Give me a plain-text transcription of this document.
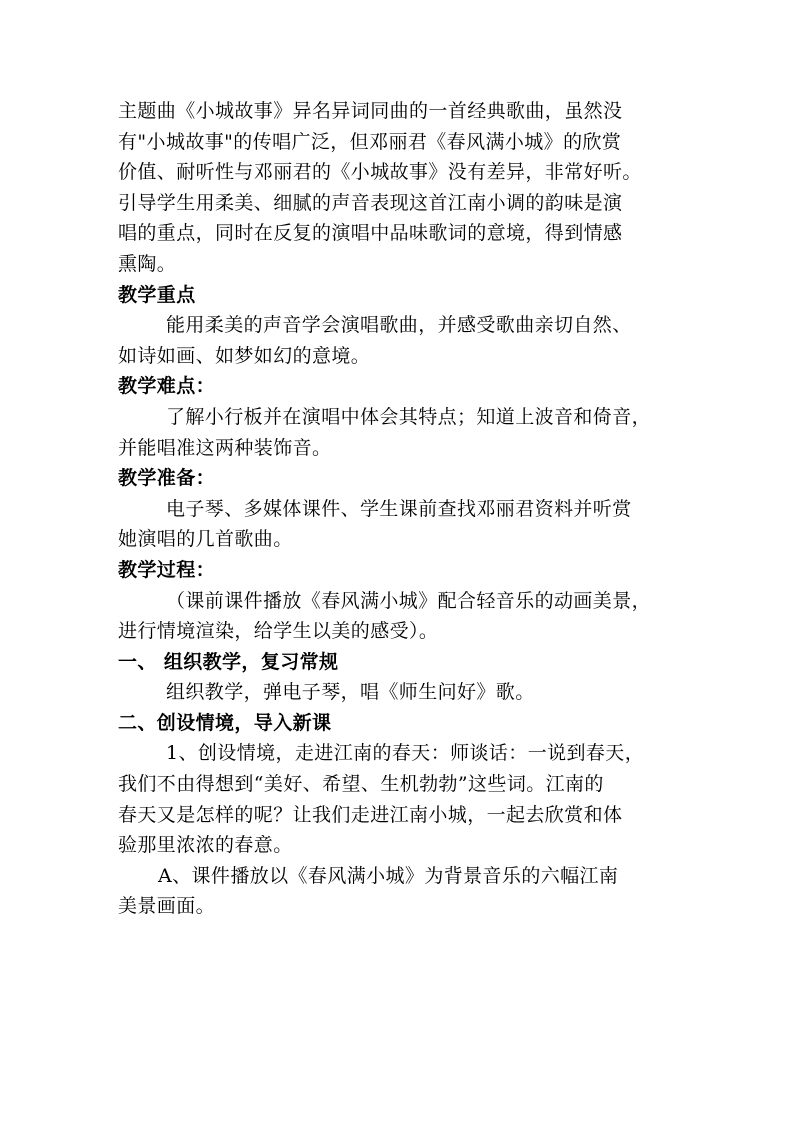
主题曲《小城故事》异名异词同曲的一首经典歌曲，虽然没
有"小城故事"的传唱广泛，但邓丽君《春风满小城》的欣赏
价值、耐听性与邓丽君的《小城故事》没有差异，非常好听。
引导学生用柔美、细腻的声音表现这首江南小调的韵味是演
唱的重点，同时在反复的演唱中品味歌词的意境，得到情感
熏陶。
教学重点
能用柔美的声音学会演唱歌曲，并感受歌曲亲切自然、
如诗如画、如梦如幻的意境。
教学难点：
了解小行板并在演唱中体会其特点；知道上波音和倚音，
并能唱准这两种装饰音。
教学准备：
电子琴、多媒体课件、学生课前查找邓丽君资料并听赏
她演唱的几首歌曲。
教学过程：
（课前课件播放《春风满小城》配合轻音乐的动画美景，
进行情境渲染，给学生以美的感受）。
一、 组织教学，复习常规
组织教学，弹电子琴，唱《师生问好》歌。
二、创设情境，导入新课
1、创设情境，走进江南的春天：师谈话：一说到春天，
我们不由得想到“美好、希望、生机勃勃”这些词。江南的
春天又是怎样的呢？让我们走进江南小城，一起去欣赏和体
验那里浓浓的春意。
A、课件播放以《春风满小城》为背景音乐的六幅江南
美景画面。
